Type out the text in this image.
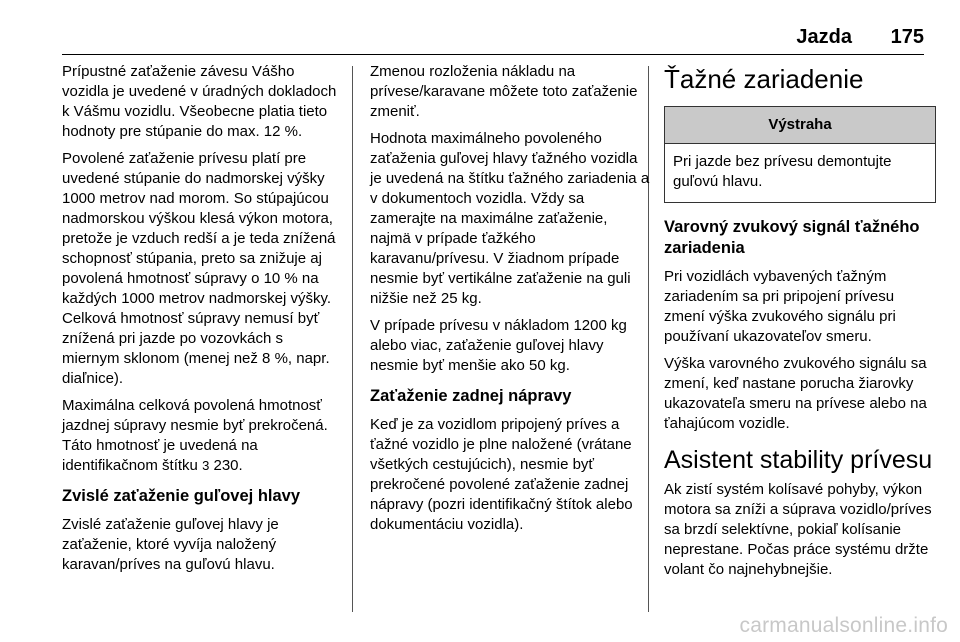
Jazda 175

Prípustné zaťaženie závesu Vášho vozidla je uvedené v úradných dokladoch k Vášmu vozidlu. Všeobecne platia tieto hodnoty pre stúpanie do max. 12 %.

Povolené zaťaženie prívesu platí pre uvedené stúpanie do nadmorskej výšky 1000 metrov nad morom. So stúpajúcou nadmorskou výškou klesá výkon motora, pretože je vzduch redší a je teda znížená schopnosť stúpania, preto sa znižuje aj povolená hmotnosť súpravy o 10 % na každých 1000 metrov nadmorskej výšky. Celková hmotnosť súpravy nemusí byť znížená pri jazde po vozovkách s miernym sklonom (menej než 8 %, napr. diaľnice).

Maximálna celková povolená hmotnosť jazdnej súpravy nesmie byť prekročená. Táto hmotnosť je uvedená na identifikačnom štítku 3 230.

Zvislé zaťaženie guľovej hlavy

Zvislé zaťaženie guľovej hlavy je zaťaženie, ktoré vyvíja naložený karavan/príves na guľovú hlavu.

Zmenou rozloženia nákladu na prívese/karavane môžete toto zaťaženie zmeniť.

Hodnota maximálneho povoleného zaťaženia guľovej hlavy ťažného vozidla je uvedená na štítku ťažného zariadenia a v dokumentoch vozidla. Vždy sa zamerajte na maximálne zaťaženie, najmä v prípade ťažkého karavanu/prívesu. V žiadnom prípade nesmie byť vertikálne zaťaženie na guli nižšie než 25 kg.

V prípade prívesu v nákladom 1200 kg alebo viac, zaťaženie guľovej hlavy nesmie byť menšie ako 50 kg.

Zaťaženie zadnej nápravy

Keď je za vozidlom pripojený príves a ťažné vozidlo je plne naložené (vrátane všetkých cestujúcich), nesmie byť prekročené povolené zaťaženie zadnej nápravy (pozri identifikačný štítok alebo dokumentáciu vozidla).

Ťažné zariadenie
Výstraha
Pri jazde bez prívesu demontujte guľovú hlavu.
Varovný zvukový signál ťažného zariadenia

Pri vozidlách vybavených ťažným zariadením sa pri pripojení prívesu zmení výška zvukového signálu pri používaní ukazovateľov smeru.

Výška varovného zvukového signálu sa zmení, keď nastane porucha žiarovky ukazovateľa smeru na prívese alebo na ťahajúcom vozidle.

Asistent stability prívesu

Ak zistí systém kolísavé pohyby, výkon motora sa zníži a súprava vozidlo/príves sa brzdí selektívne, pokiaľ kolísanie neprestane. Počas práce systému držte volant čo najnehybnejšie.

carmanualsonline.info
